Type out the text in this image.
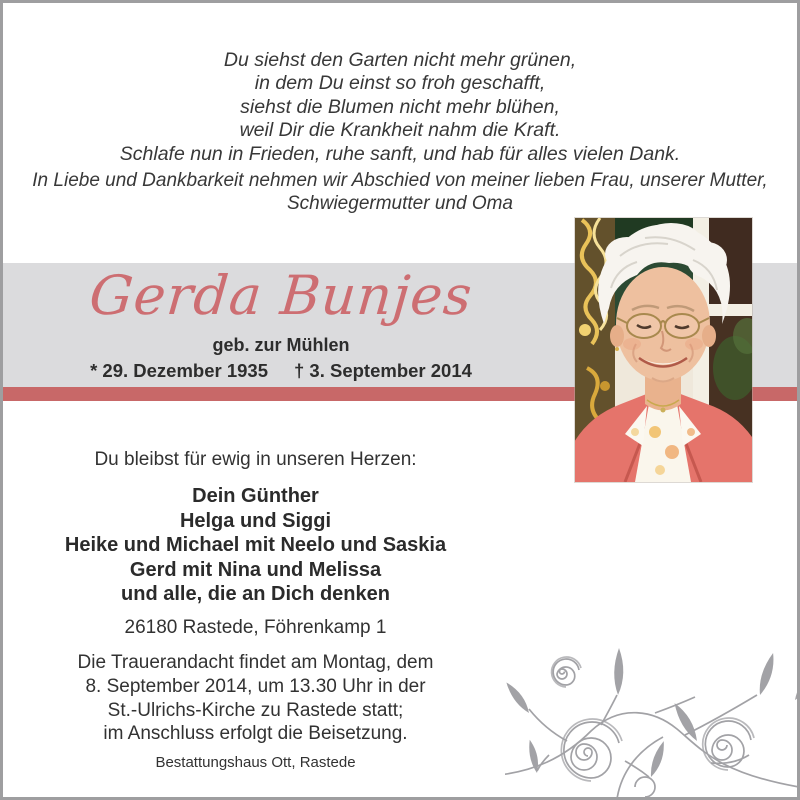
Du siehst den Garten nicht mehr grünen,
in dem Du einst so froh geschafft,
siehst die Blumen nicht mehr blühen,
weil Dir die Krankheit nahm die Kraft.
Schlafe nun in Frieden, ruhe sanft, und hab für alles vielen Dank.
In Liebe und Dankbarkeit nehmen wir Abschied von meiner lieben Frau, unserer Mutter,
Schwiegermutter und Oma
Gerda Bunjes
geb. zur Mühlen
* 29. Dezember 1935 † 3. September 2014
Du bleibst für ewig in unseren Herzen:
Dein Günther
Helga und Siggi
Heike und Michael mit Neelo und Saskia
Gerd mit Nina und Melissa
und alle, die an Dich denken
26180 Rastede, Föhrenkamp 1
Die Trauerandacht findet am Montag, dem
8. September 2014, um 13.30 Uhr in der
St.-Ulrichs-Kirche zu Rastede statt;
im Anschluss erfolgt die Beisetzung.
Bestattungshaus Ott, Rastede
